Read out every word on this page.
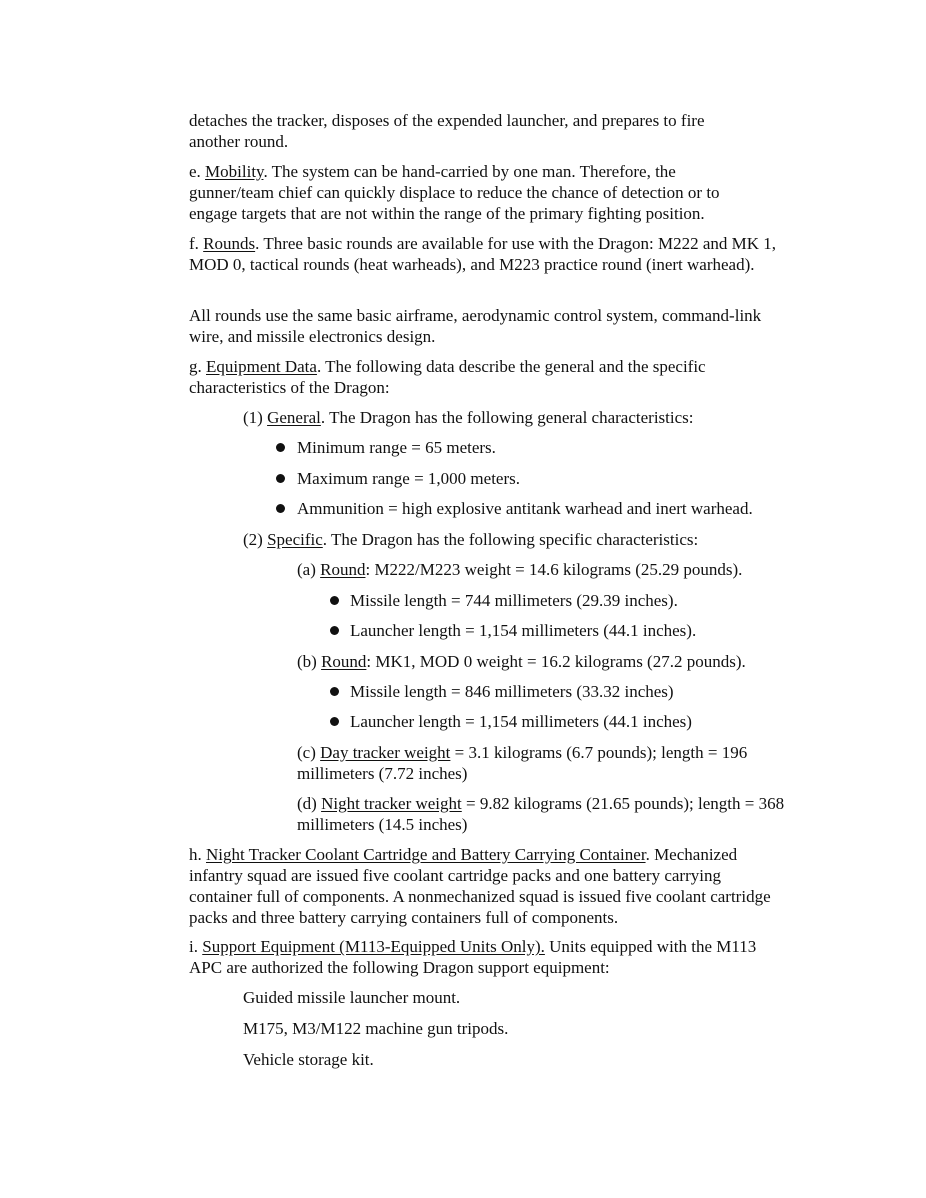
detaches the tracker, disposes of the expended launcher, and prepares to fire another round.

e. Mobility. The system can be hand-carried by one man. Therefore, the gunner/team chief can quickly displace to reduce the chance of detection or to engage targets that are not within the range of the primary fighting position.

f. Rounds. Three basic rounds are available for use with the Dragon: M222 and MK 1, MOD 0, tactical rounds (heat warheads), and M223 practice round (inert warhead).

All rounds use the same basic airframe, aerodynamic control system, command-link wire, and missile electronics design.

g. Equipment Data. The following data describe the general and the specific characteristics of the Dragon:

(1) General. The Dragon has the following general characteristics:

Minimum range = 65 meters.
Maximum range = 1,000 meters.
Ammunition = high explosive antitank warhead and inert warhead.

(2) Specific. The Dragon has the following specific characteristics:

(a) Round: M222/M223 weight = 14.6 kilograms (25.29 pounds).

Missile length = 744 millimeters (29.39 inches).
Launcher length = 1,154 millimeters (44.1 inches).

(b) Round: MK1, MOD 0 weight = 16.2 kilograms (27.2 pounds).

Missile length = 846 millimeters (33.32 inches)
Launcher length = 1,154 millimeters (44.1 inches)

(c) Day tracker weight = 3.1 kilograms (6.7 pounds); length = 196 millimeters (7.72 inches)

(d) Night tracker weight = 9.82 kilograms (21.65 pounds); length = 368 millimeters (14.5 inches)

h. Night Tracker Coolant Cartridge and Battery Carrying Container. Mechanized infantry squad are issued five coolant cartridge packs and one battery carrying container full of components. A nonmechanized squad is issued five coolant cartridge packs and three battery carrying containers full of components.

i. Support Equipment (M113-Equipped Units Only). Units equipped with the M113 APC are authorized the following Dragon support equipment:

Guided missile launcher mount.

M175, M3/M122 machine gun tripods.

Vehicle storage kit.
